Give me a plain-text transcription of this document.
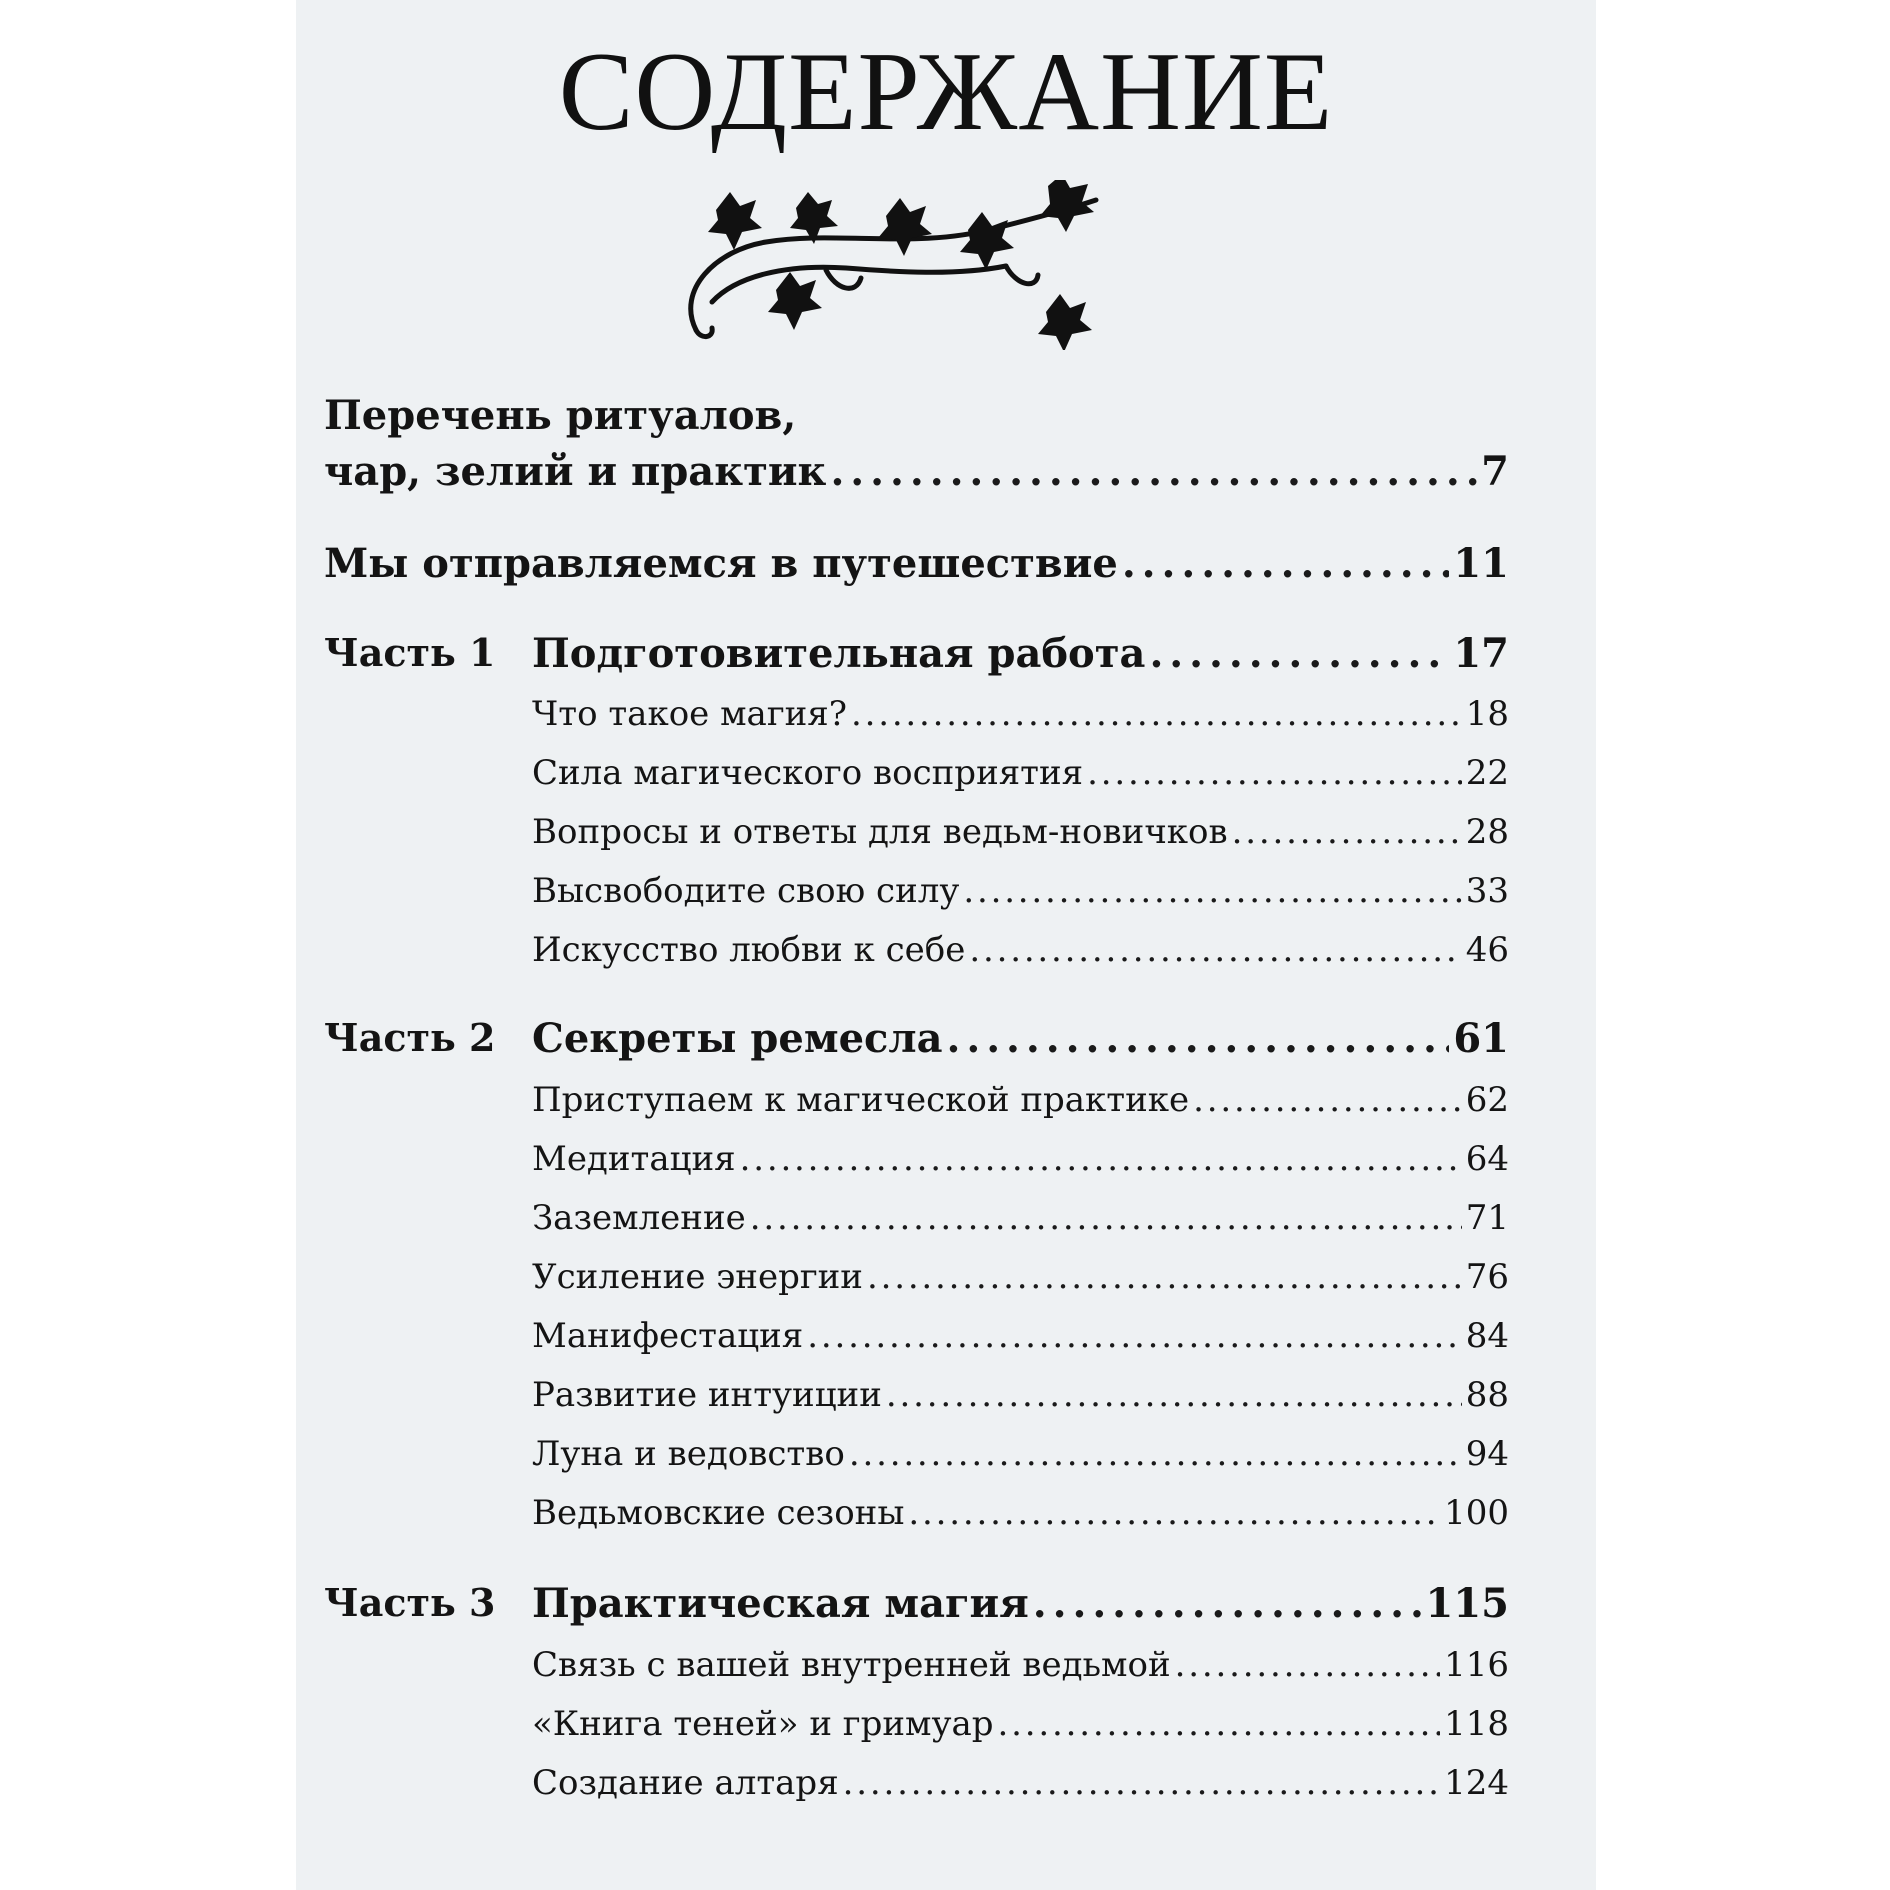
СОДЕРЖАНИЕ
Перечень ритуалов,
чар, зелий и практик . . .	7
Мы отправляемся в путешествие . . .	11
Часть 1 Подготовительная работа . . .	17
Что такое магия? . . .	18
Сила магического восприятия . . .	22
Вопросы и ответы для ведьм-новичков . . .	28
Высвободите свою силу . . .	33
Искусство любви к себе . . .	46
Часть 2 Секреты ремесла . . .	61
Приступаем к магической практике . . .	62
Медитация . . .	64
Заземление . . .	71
Усиление энергии . . .	76
Манифестация . . .	84
Развитие интуиции . . .	88
Луна и ведовство . . .	94
Ведьмовские сезоны . . .	100
Часть 3 Практическая магия . . .	115
Связь с вашей внутренней ведьмой . . .	116
«Книга теней» и гримуар . . .	118
Создание алтаря . . .	124
